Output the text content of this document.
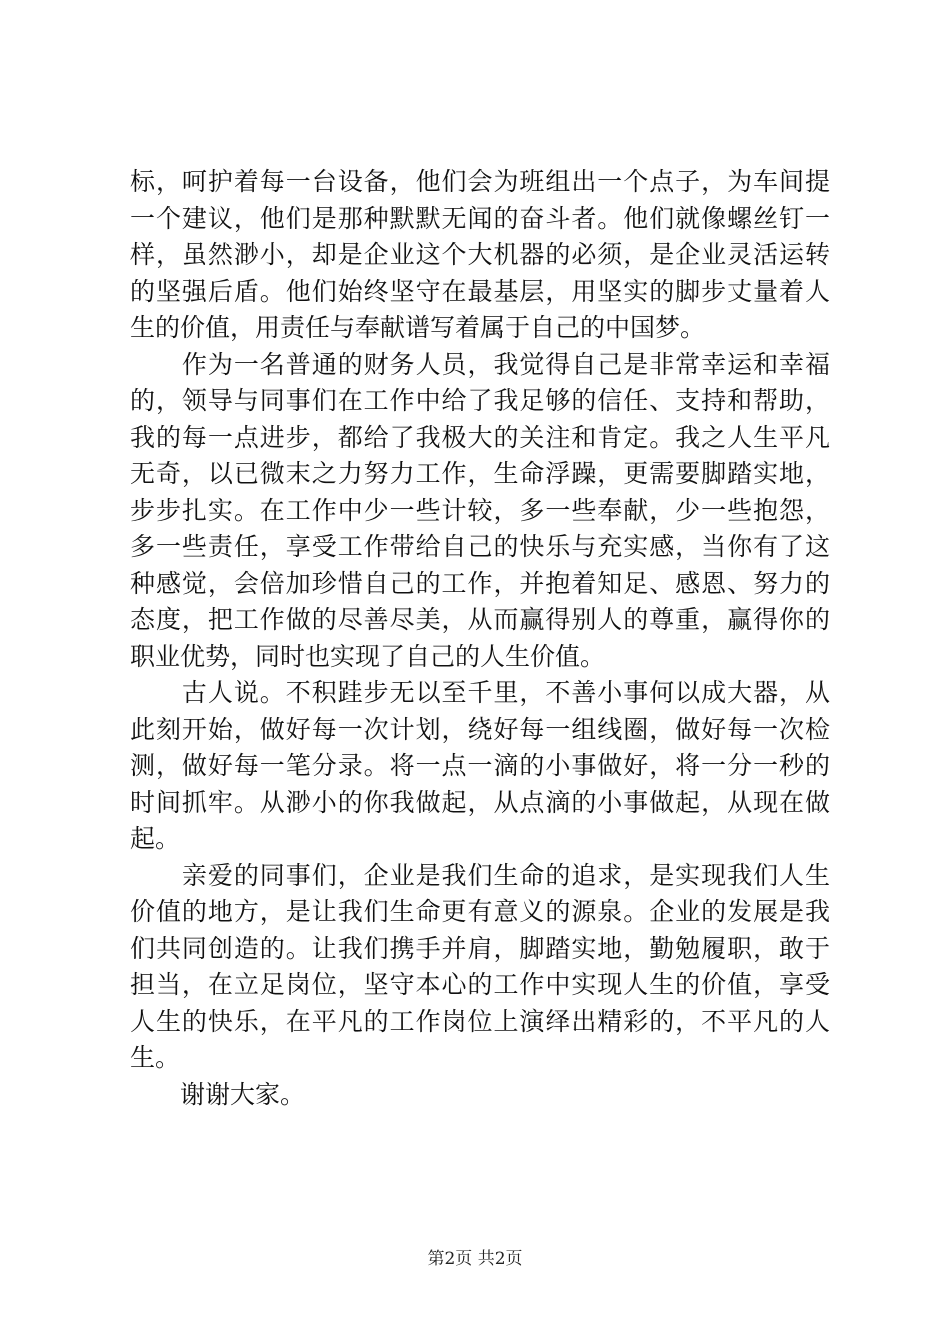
标，呵护着每一台设备，他们会为班组出一个点子，为车间提
一个建议，他们是那种默默无闻的奋斗者。他们就像螺丝钉一
样，虽然渺小，却是企业这个大机器的必须，是企业灵活运转
的坚强后盾。他们始终坚守在最基层，用坚实的脚步丈量着人
生的价值，用责任与奉献谱写着属于自己的中国梦。
　　作为一名普通的财务人员，我觉得自己是非常幸运和幸福
的，领导与同事们在工作中给了我足够的信任、支持和帮助，
我的每一点进步，都给了我极大的关注和肯定。我之人生平凡
无奇，以已微末之力努力工作，生命浮躁，更需要脚踏实地，
步步扎实。在工作中少一些计较，多一些奉献，少一些抱怨，
多一些责任，享受工作带给自己的快乐与充实感，当你有了这
种感觉，会倍加珍惜自己的工作，并抱着知足、感恩、努力的
态度，把工作做的尽善尽美，从而赢得别人的尊重，赢得你的
职业优势，同时也实现了自己的人生价值。
　　古人说。不积跬步无以至千里，不善小事何以成大器，从
此刻开始，做好每一次计划，绕好每一组线圈，做好每一次检
测，做好每一笔分录。将一点一滴的小事做好，将一分一秒的
时间抓牢。从渺小的你我做起，从点滴的小事做起，从现在做
起。
　　亲爱的同事们，企业是我们生命的追求，是实现我们人生
价值的地方，是让我们生命更有意义的源泉。企业的发展是我
们共同创造的。让我们携手并肩，脚踏实地，勤勉履职，敢于
担当，在立足岗位，坚守本心的工作中实现人生的价值，享受
人生的快乐，在平凡的工作岗位上演绎出精彩的，不平凡的人
生。
　　谢谢大家。
第2页 共2页
